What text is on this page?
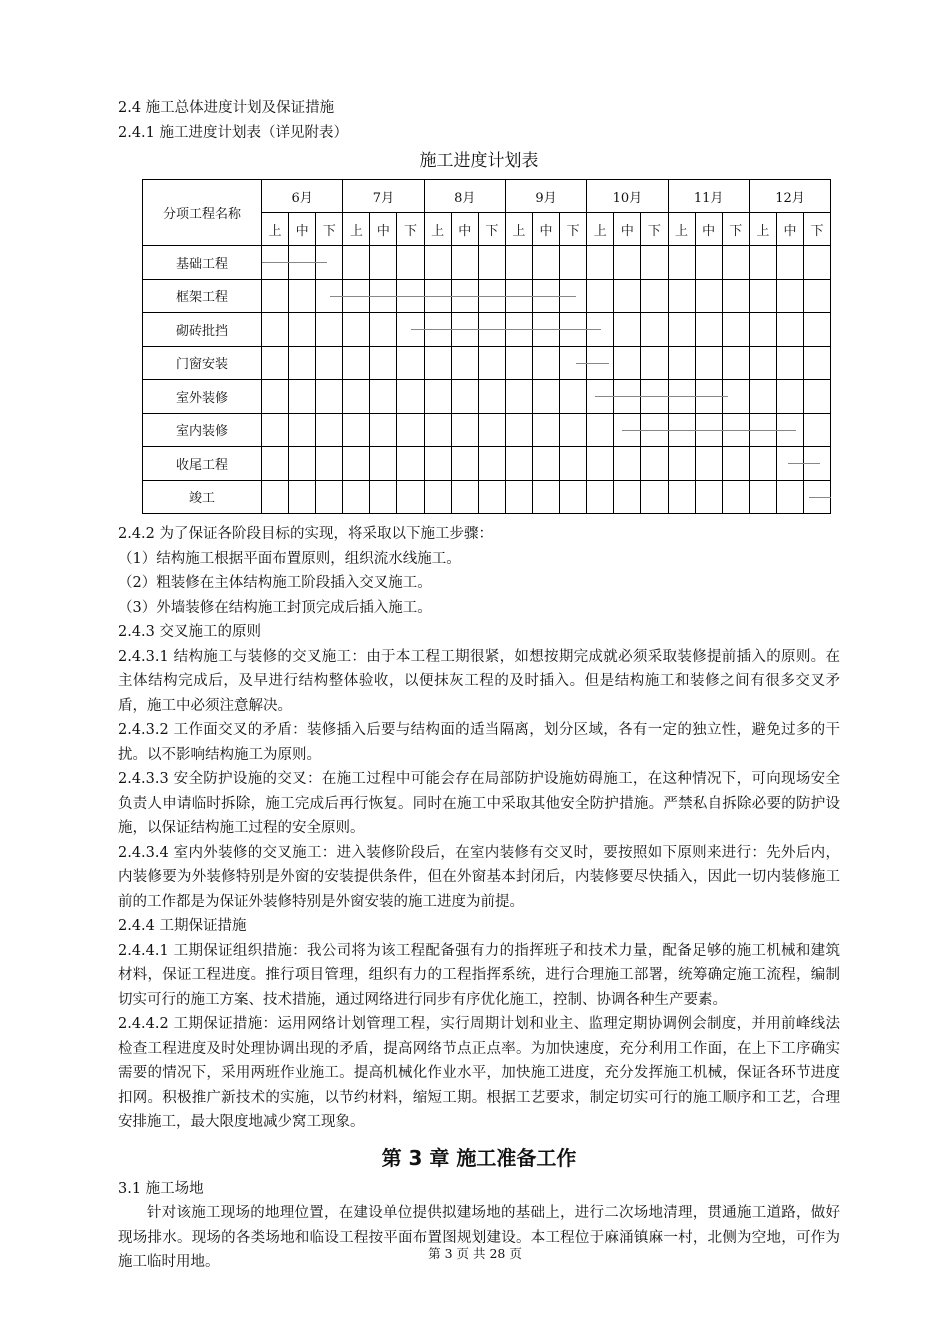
2.4 施工总体进度计划及保证措施
2.4.1 施工进度计划表（详见附表）
施工进度计划表
分项工程名称	6月			7月			8月			9月			10月			11月			12月		
	上	中	下	上	中	下	上	中	下	上	中	下	上	中	下	上	中	下	上	中	下
基础工程	

框架工程	

砌砖批挡	

门窗安装	

室外装修	

室内装修	

收尾工程	

竣工	

2.4.2 为了保证各阶段目标的实现，将采取以下施工步骤：
（1）结构施工根据平面布置原则，组织流水线施工。
（2）粗装修在主体结构施工阶段插入交叉施工。
（3）外墙装修在结构施工封顶完成后插入施工。
2.4.3 交叉施工的原则
2.4.3.1 结构施工与装修的交叉施工：由于本工程工期很紧，如想按期完成就必须采取装修提前插入的原则。在主体结构完成后，及早进行结构整体验收，以便抹灰工程的及时插入。但是结构施工和装修之间有很多交叉矛盾，施工中必须注意解决。
2.4.3.2 工作面交叉的矛盾：装修插入后要与结构面的适当隔离，划分区域，各有一定的独立性，避免过多的干扰。以不影响结构施工为原则。
2.4.3.3 安全防护设施的交叉：在施工过程中可能会存在局部防护设施妨碍施工，在这种情况下，可向现场安全负责人申请临时拆除，施工完成后再行恢复。同时在施工中采取其他安全防护措施。严禁私自拆除必要的防护设施，以保证结构施工过程的安全原则。
2.4.3.4 室内外装修的交叉施工：进入装修阶段后，在室内装修有交叉时，要按照如下原则来进行：先外后内，内装修要为外装修特别是外窗的安装提供条件，但在外窗基本封闭后，内装修要尽快插入，因此一切内装修施工前的工作都是为保证外装修特别是外窗安装的施工进度为前提。
2.4.4 工期保证措施
2.4.4.1 工期保证组织措施：我公司将为该工程配备强有力的指挥班子和技术力量，配备足够的施工机械和建筑材料，保证工程进度。推行项目管理，组织有力的工程指挥系统，进行合理施工部署，统筹确定施工流程，编制切实可行的施工方案、技术措施，通过网络进行同步有序优化施工，控制、协调各种生产要素。
2.4.4.2 工期保证措施：运用网络计划管理工程，实行周期计划和业主、监理定期协调例会制度，并用前峰线法检查工程进度及时处理协调出现的矛盾，提高网络节点正点率。为加快速度，充分利用工作面，在上下工序确实需要的情况下，采用两班作业施工。提高机械化作业水平，加快施工进度，充分发挥施工机械，保证各环节进度扣网。积极推广新技术的实施，以节约材料，缩短工期。根据工艺要求，制定切实可行的施工顺序和工艺，合理安排施工，最大限度地减少窝工现象。
第 3 章 施工准备工作
3.1 施工场地
针对该施工现场的地理位置，在建设单位提供拟建场地的基础上，进行二次场地清理，贯通施工道路，做好现场排水。现场的各类场地和临设工程按平面布置图规划建设。本工程位于麻涌镇麻一村，北侧为空地，可作为施工临时用地。
第 3 页 共 28 页
